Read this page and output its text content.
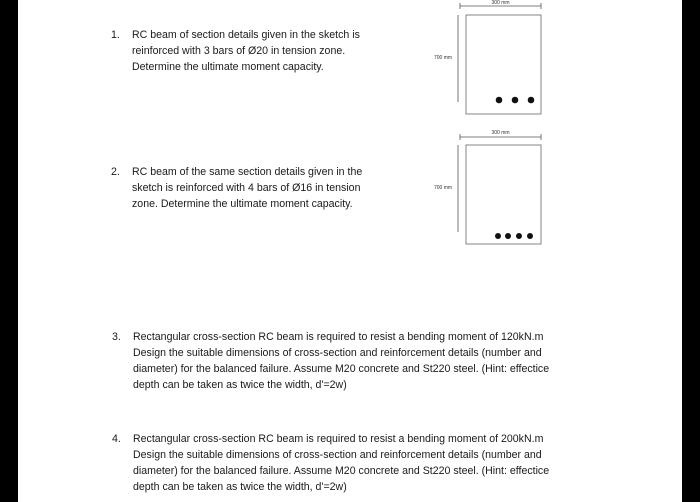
1. RC beam of section details given in the sketch is

reinforced with 3 bars of Ø20 in tension zone.

Determine the ultimate moment capacity.

300 mm
700 mm
2. RC beam of the same section details given in the

sketch is reinforced with 4 bars of Ø16 in tension

zone. Determine the ultimate moment capacity.

300 mm
700 mm
3. Rectangular cross-section RC beam is required to resist a bending moment of 120kN.m

Design the suitable dimensions of cross-section and reinforcement details (number and

diameter) for the balanced failure. Assume M20 concrete and St220 steel. (Hint: effectice

depth can be taken as twice the width, d'=2w)

4. Rectangular cross-section RC beam is required to resist a bending moment of 200kN.m

Design the suitable dimensions of cross-section and reinforcement details (number and

diameter) for the balanced failure. Assume M20 concrete and St220 steel. (Hint: effectice

depth can be taken as twice the width, d'=2w)
